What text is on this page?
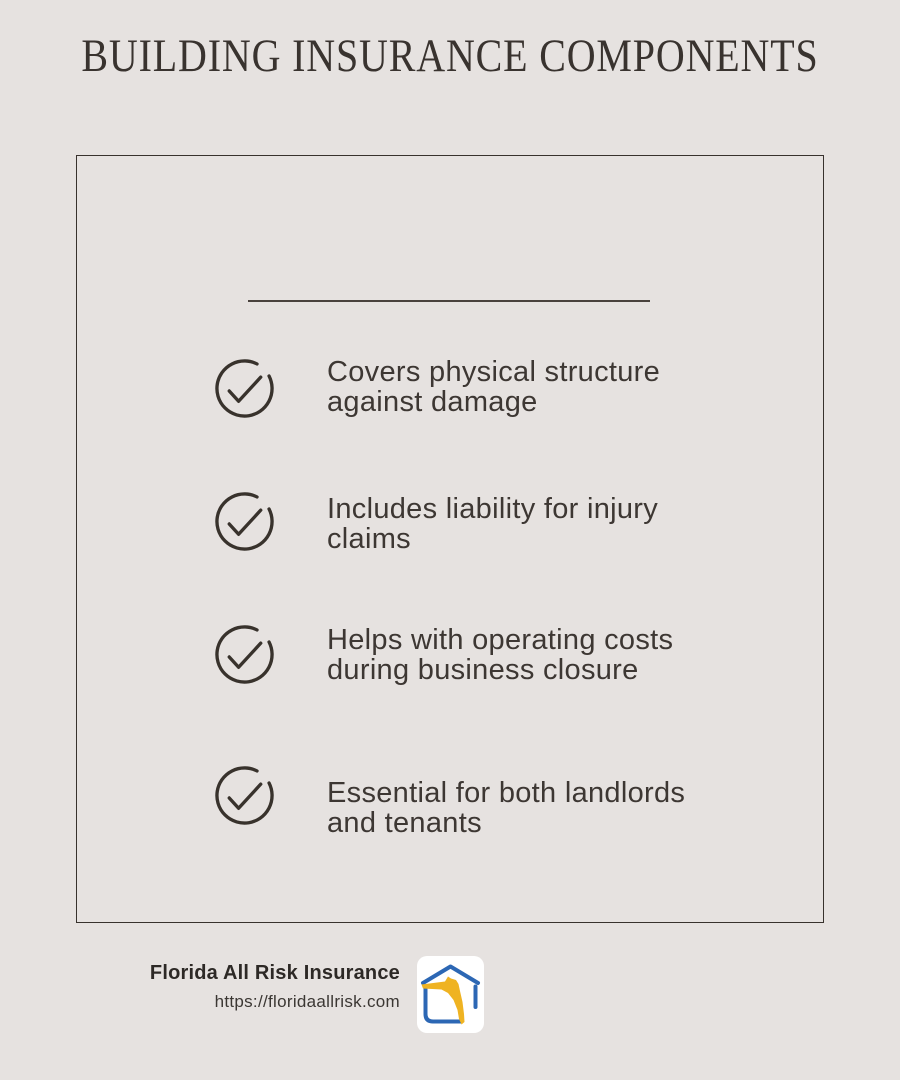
BUILDING INSURANCE COMPONENTS
Covers physical structure
against damage
Includes liability for injury
claims
Helps with operating costs
during business closure
Essential for both landlords
and tenants
Florida All Risk Insurance
https://floridaallrisk.com
